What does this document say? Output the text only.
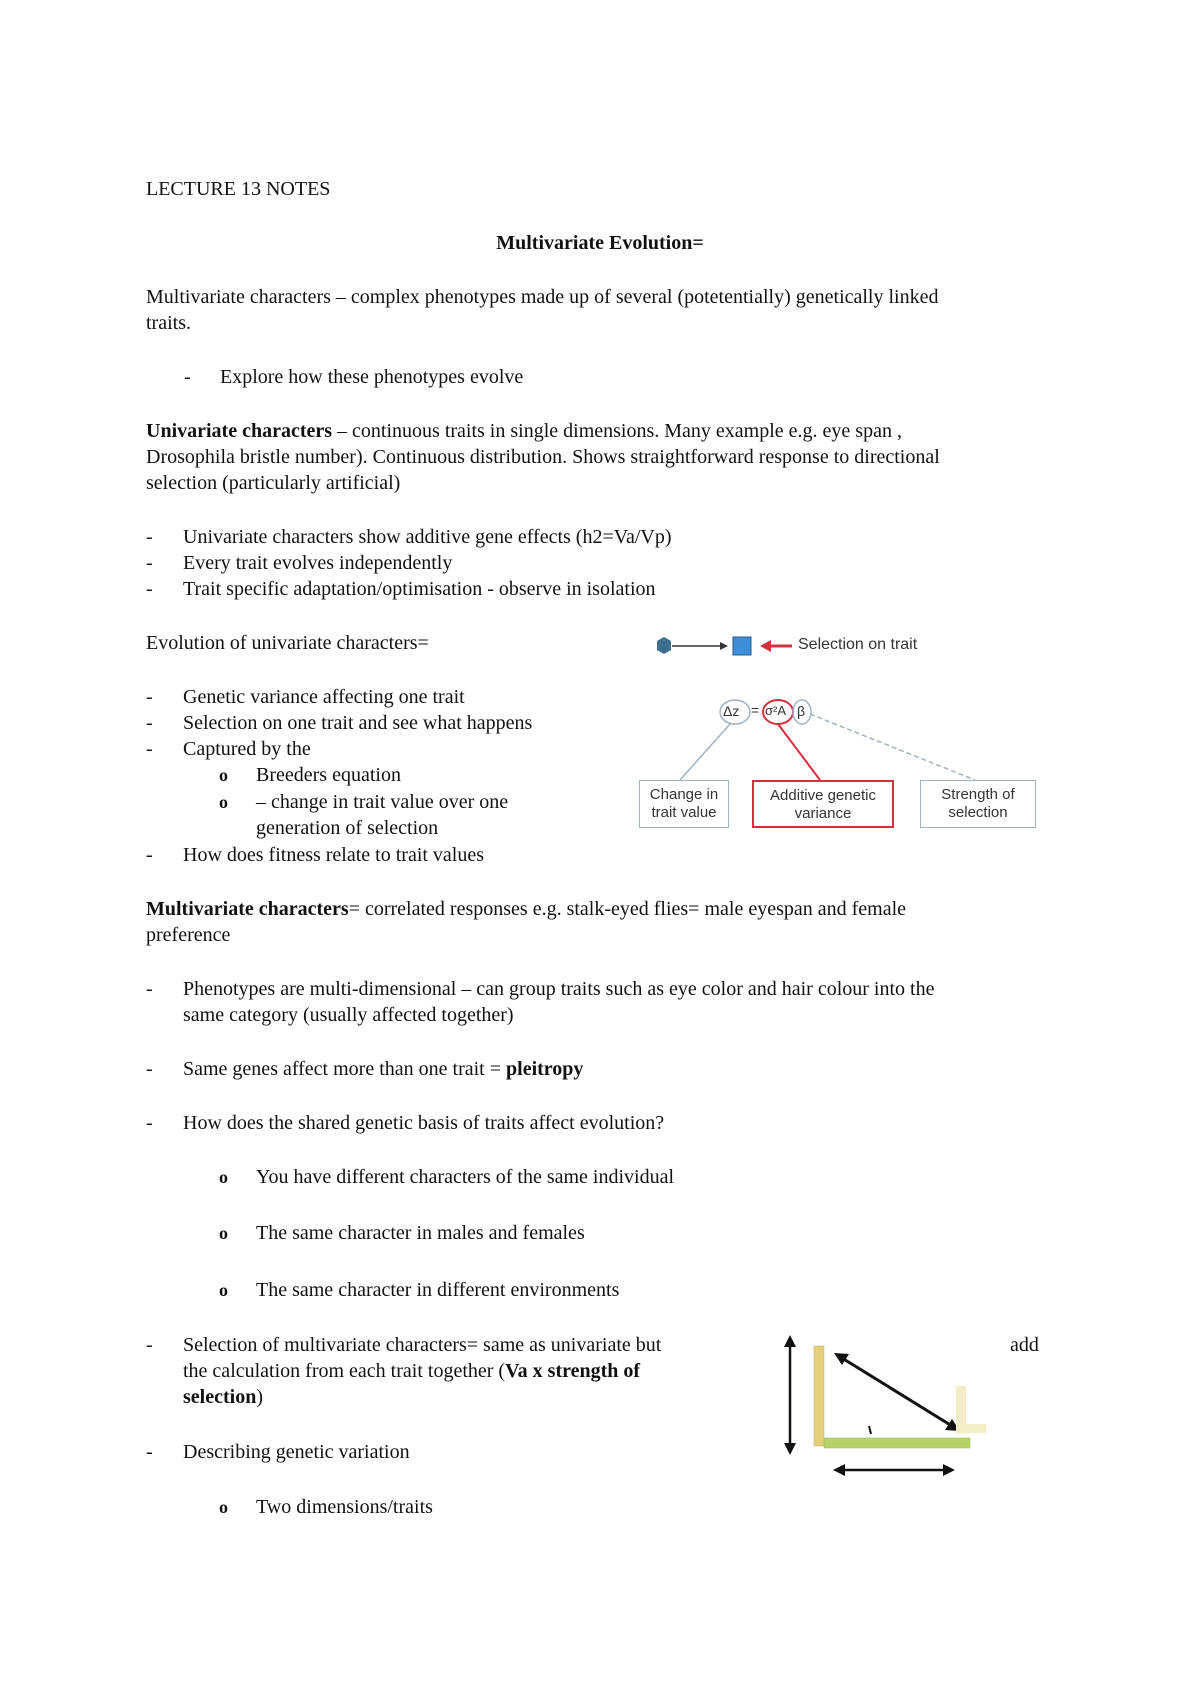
LECTURE 13 NOTES
Multivariate Evolution=
Multivariate characters – complex phenotypes made up of several (potetentially) genetically linked
traits.
- Explore how these phenotypes evolve
Univariate characters – continuous traits in single dimensions. Many example e.g. eye span ,
Drosophila bristle number). Continuous distribution. Shows straightforward response to directional
selection (particularly artificial)
- Univariate characters show additive gene effects (h2=Va/Vp)
- Every trait evolves independently
- Trait specific adaptation/optimisation - observe in isolation
Evolution of univariate characters=
- Genetic variance affecting one trait
- Selection on one trait and see what happens
- Captured by the
o Breeders equation
o – change in trait value over one
generation of selection
- How does fitness relate to trait values
Selection on trait
Δz = σ²A β
Change in
trait value
Additive genetic
variance
Strength of
selection
Multivariate characters= correlated responses e.g. stalk-eyed flies= male eyespan and female
preference
- Phenotypes are multi-dimensional – can group traits such as eye color and hair colour into the
same category (usually affected together)
- Same genes affect more than one trait = pleitropy
- How does the shared genetic basis of traits affect evolution?
o You have different characters of the same individual
o The same character in males and females
o The same character in different environments
- Selection of multivariate characters= same as univariate but	add
the calculation from each trait together (Va x strength of
selection)
- Describing genetic variation
o Two dimensions/traits
